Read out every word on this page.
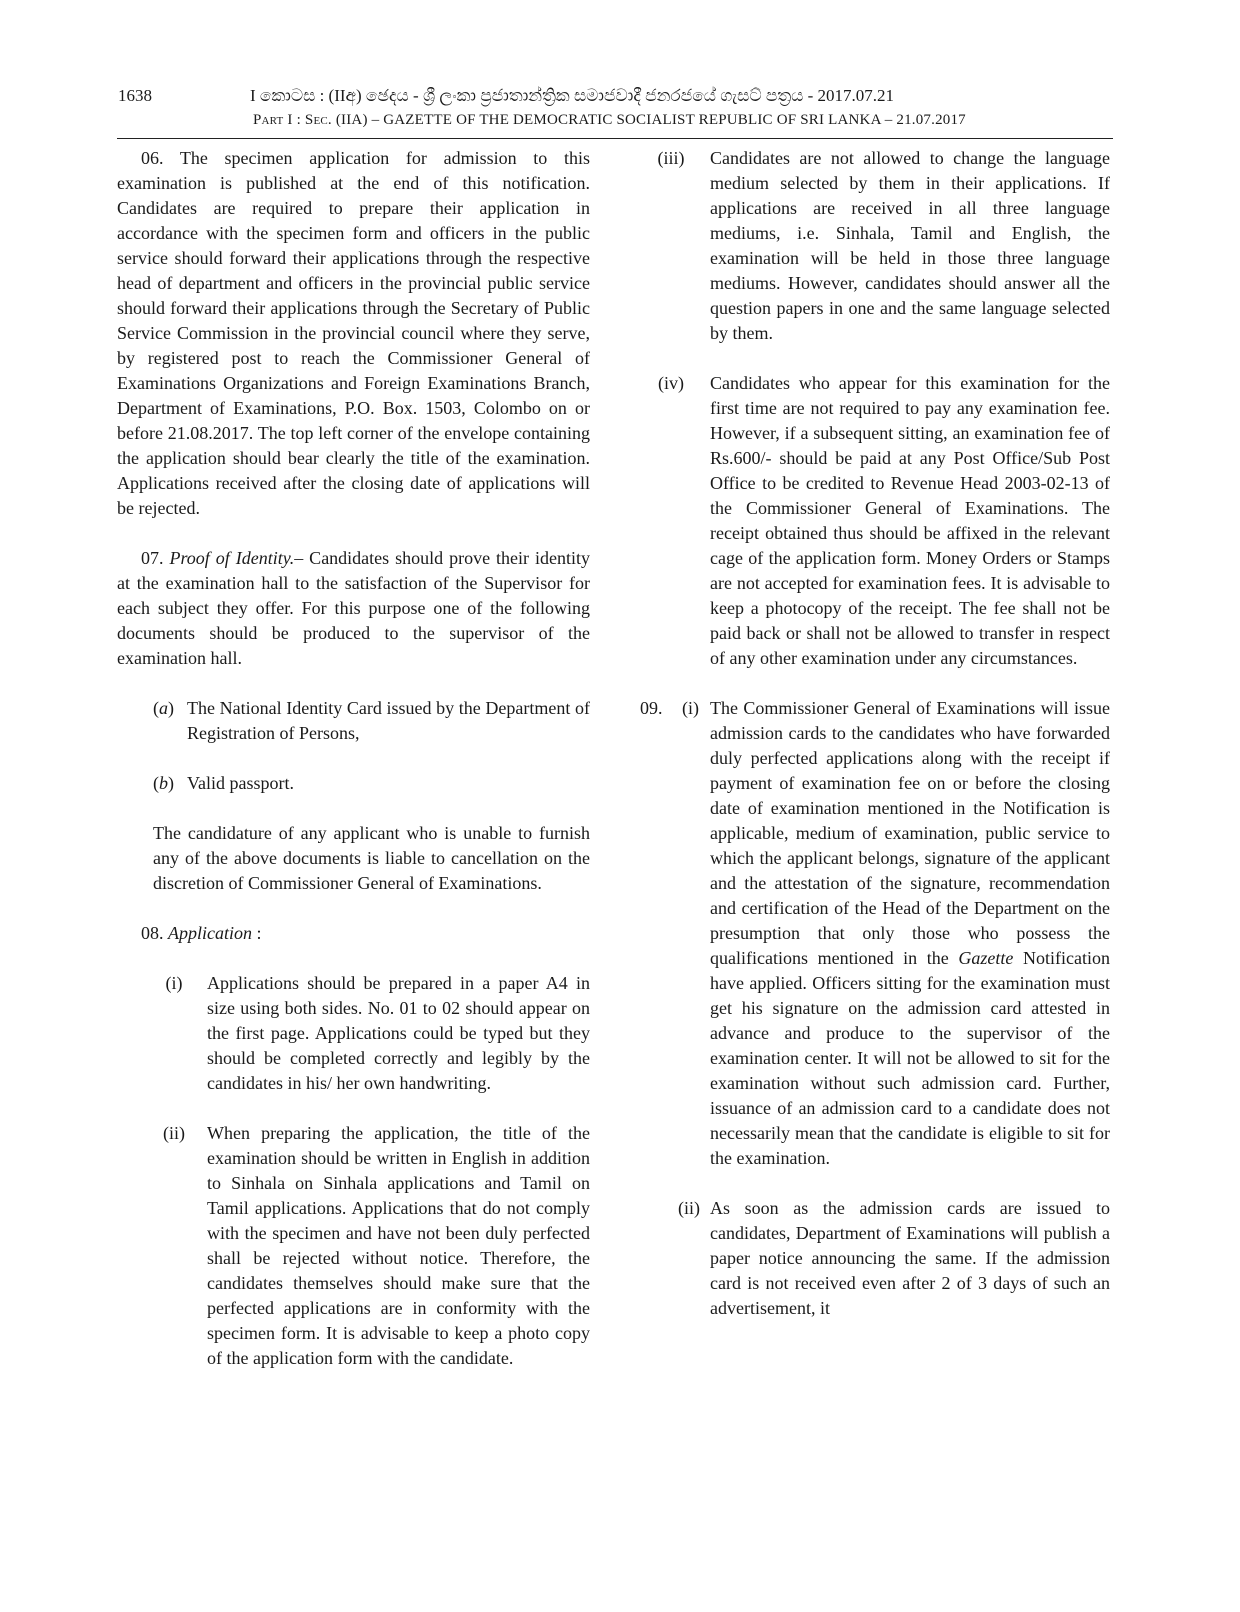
1638	I කොටස : (IIඅ) ඡෙදය - ශ්‍රී ලංකා ප්‍රජාතාන්ත්‍රික සමාජවාදී ජනරජයේ ගැසට් පත්‍රය - 2017.07.21
Part I : Sec. (IIA) – GAZETTE OF THE DEMOCRATIC SOCIALIST REPUBLIC OF SRI LANKA – 21.07.2017

06. The specimen application for admission to this examination is published at the end of this notification. Candidates are required to prepare their application in accordance with the specimen form and officers in the public service should forward their applications through the respective head of department and officers in the provincial public service should forward their applications through the Secretary of Public Service Commission in the provincial council where they serve, by registered post to reach the Commissioner General of Examinations Organizations and Foreign Examinations Branch, Department of Examinations, P.O. Box. 1503, Colombo on or before 21.08.2017. The top left corner of the envelope containing the application should bear clearly the title of the examination. Applications received after the closing date of applications will be rejected.

07. Proof of Identity.– Candidates should prove their identity at the examination hall to the satisfaction of the Supervisor for each subject they offer. For this purpose one of the following documents should be produced to the supervisor of the examination hall.

(a) The National Identity Card issued by the Department of Registration of Persons,
(b) Valid passport.

The candidature of any applicant who is unable to furnish any of the above documents is liable to cancellation on the discretion of Commissioner General of Examinations.

08. Application :

(i)	Applications should be prepared in a paper A4 in size using both sides. No. 01 to 02 should appear on the first page. Applications could be typed but they should be completed correctly and legibly by the candidates in his/ her own handwriting.
(ii)	When preparing the application, the title of the examination should be written in English in addition to Sinhala on Sinhala applications and Tamil on Tamil applications. Applications that do not comply with the specimen and have not been duly perfected shall be rejected without notice. Therefore, the candidates themselves should make sure that the perfected applications are in conformity with the specimen form. It is advisable to keep a photo copy of the application form with the candidate.
(iii)	Candidates are not allowed to change the language medium selected by them in their applications. If applications are received in all three language mediums, i.e. Sinhala, Tamil and English, the examination will be held in those three language mediums. However, candidates should answer all the question papers in one and the same language selected by them.
(iv)	Candidates who appear for this examination for the first time are not required to pay any examination fee. However, if a subsequent sitting, an examination fee of Rs.600/- should be paid at any Post Office/Sub Post Office to be credited to Revenue Head 2003-02-13 of the Commissioner General of Examinations. The receipt obtained thus should be affixed in the relevant cage of the application form. Money Orders or Stamps are not accepted for examination fees. It is advisable to keep a photocopy of the receipt. The fee shall not be paid back or shall not be allowed to transfer in respect of any other examination under any circumstances.
09. (i) The Commissioner General of Examinations will issue admission cards to the candidates who have forwarded duly perfected applications along with the receipt if payment of examination fee on or before the closing date of examination mentioned in the Notification is applicable, medium of examination, public service to which the applicant belongs, signature of the applicant and the attestation of the signature, recommendation and certification of the Head of the Department on the presumption that only those who possess the qualifications mentioned in the Gazette Notification have applied. Officers sitting for the examination must get his signature on the admission card attested in advance and produce to the supervisor of the examination center. It will not be allowed to sit for the examination without such admission card. Further, issuance of an admission card to a candidate does not necessarily mean that the candidate is eligible to sit for the examination.
(ii) As soon as the admission cards are issued to candidates, Department of Examinations will publish a paper notice announcing the same. If the admission card is not received even after 2 of 3 days of such an advertisement, it
